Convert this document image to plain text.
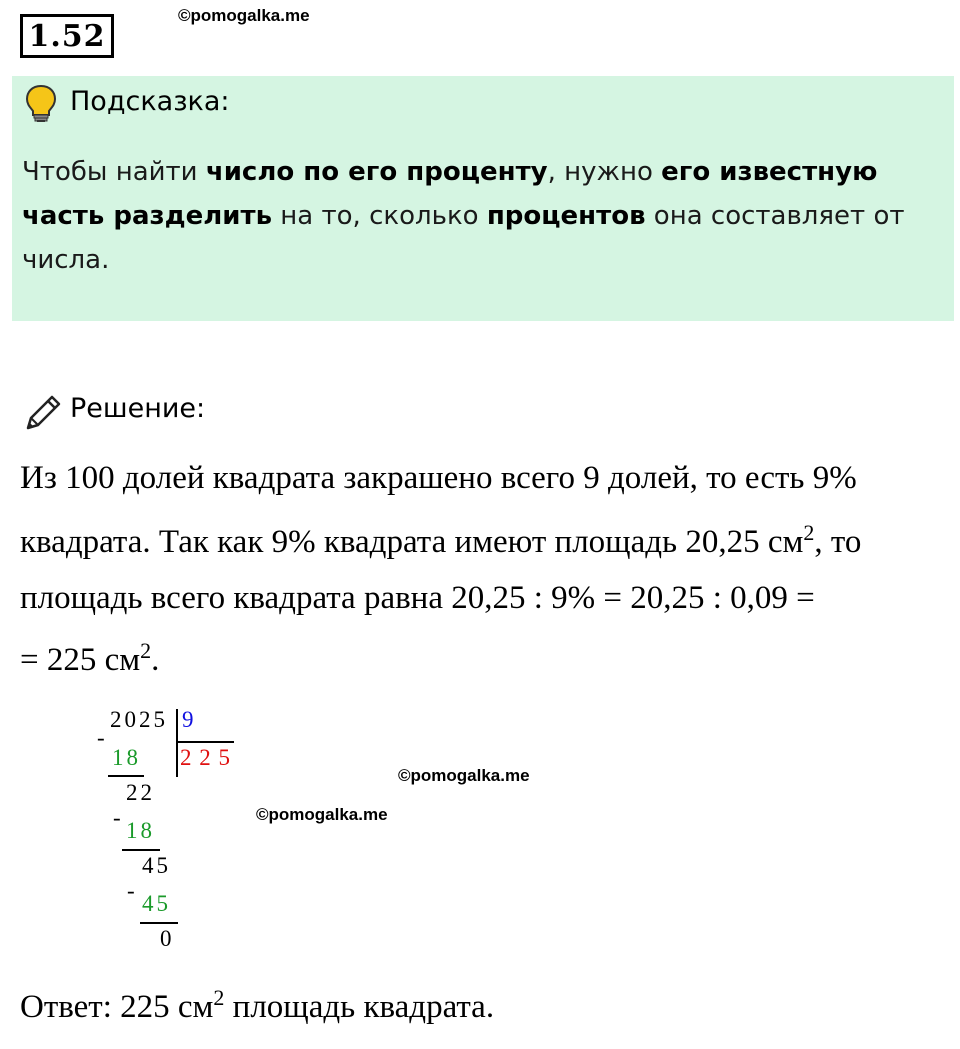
1.52
©pomogalka.me
Подсказка:
Чтобы найти число по его проценту, нужно его известную часть разделить на то, сколько процентов она составляет от числа.
Решение:
Из 100 долей квадрата закрашено всего 9 долей, то есть 9%
квадрата. Так как 9% квадрата имеют площадь 20,25 $см^2$, то
площадь всего квадрата равна 20,25 : 9% = 20,25 : 0,09 =
= 225 $см^2$.
2025 9
2 2 5
-
18
22
-
18
45
-
45
0
©pomogalka.me
©pomogalka.me
Ответ: 225 $см^2$ площадь квадрата.
